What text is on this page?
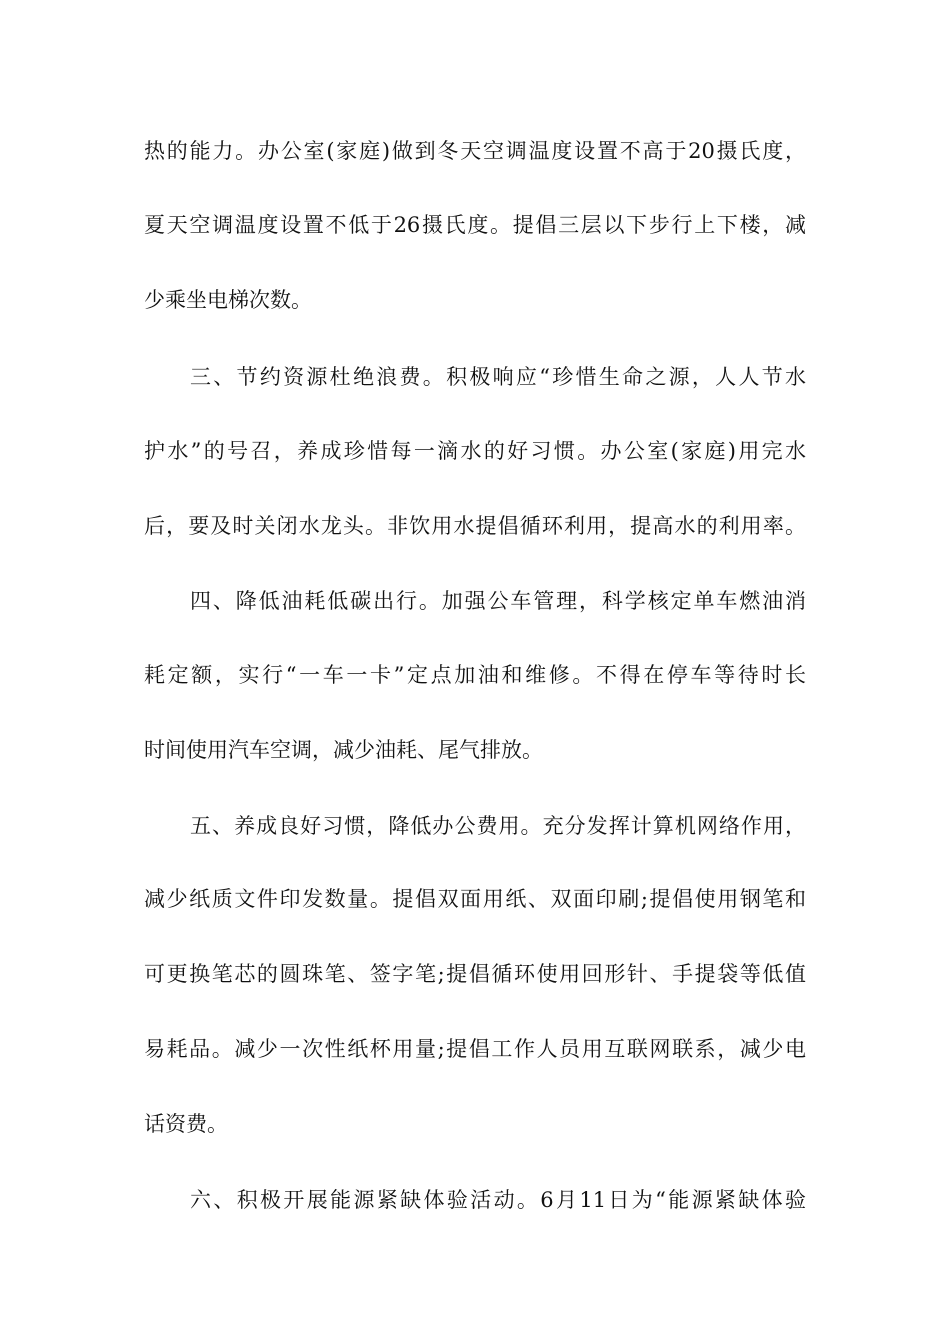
热的能力。办公室(家庭)做到冬天空调温度设置不高于20摄氏度，
夏天空调温度设置不低于26摄氏度。提倡三层以下步行上下楼，减
少乘坐电梯次数。
三、节约资源杜绝浪费。积极响应“珍惜生命之源，人人节水
护水”的号召，养成珍惜每一滴水的好习惯。办公室(家庭)用完水
后，要及时关闭水龙头。非饮用水提倡循环利用，提高水的利用率。
四、降低油耗低碳出行。加强公车管理，科学核定单车燃油消
耗定额，实行“一车一卡”定点加油和维修。不得在停车等待时长
时间使用汽车空调，减少油耗、尾气排放。
五、养成良好习惯，降低办公费用。充分发挥计算机网络作用，
减少纸质文件印发数量。提倡双面用纸、双面印刷;提倡使用钢笔和
可更换笔芯的圆珠笔、签字笔;提倡循环使用回形针、手提袋等低值
易耗品。减少一次性纸杯用量;提倡工作人员用互联网联系，减少电
话资费。
六、积极开展能源紧缺体验活动。6月11日为“能源紧缺体验
